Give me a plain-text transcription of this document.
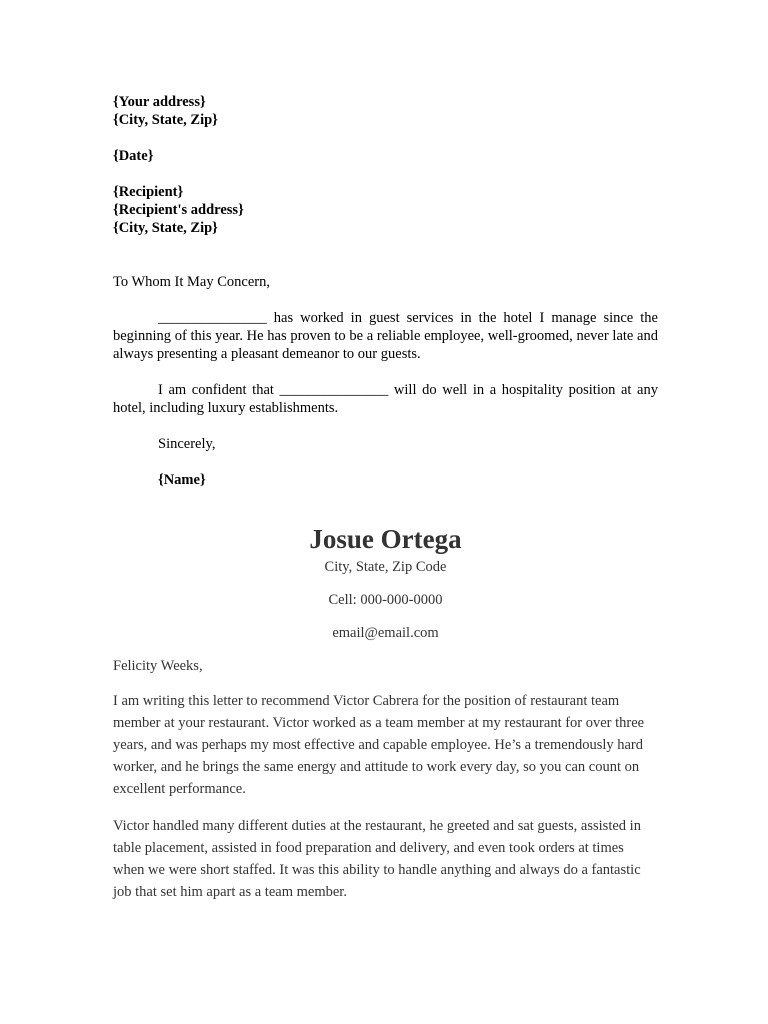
{Your address}
{City, State, Zip}
{Date}
{Recipient}
{Recipient's address}
{City, State, Zip}
To Whom It May Concern,
_______________ has worked in guest services in the hotel I manage since the beginning of this year. He has proven to be a reliable employee, well-groomed, never late and always presenting a pleasant demeanor to our guests.
I am confident that _______________ will do well in a hospitality position at any hotel, including luxury establishments.
Sincerely,
{Name}
Josue Ortega

City, State, Zip Code

Cell: 000-000-0000

email@email.com

Felicity Weeks,
I am writing this letter to recommend Victor Cabrera for the position of restaurant team member at your restaurant. Victor worked as a team member at my restaurant for over three years, and was perhaps my most effective and capable employee. He’s a tremendously hard worker, and he brings the same energy and attitude to work every day, so you can count on excellent performance.
Victor handled many different duties at the restaurant, he greeted and sat guests, assisted in table placement, assisted in food preparation and delivery, and even took orders at times when we were short staffed. It was this ability to handle anything and always do a fantastic job that set him apart as a team member.
